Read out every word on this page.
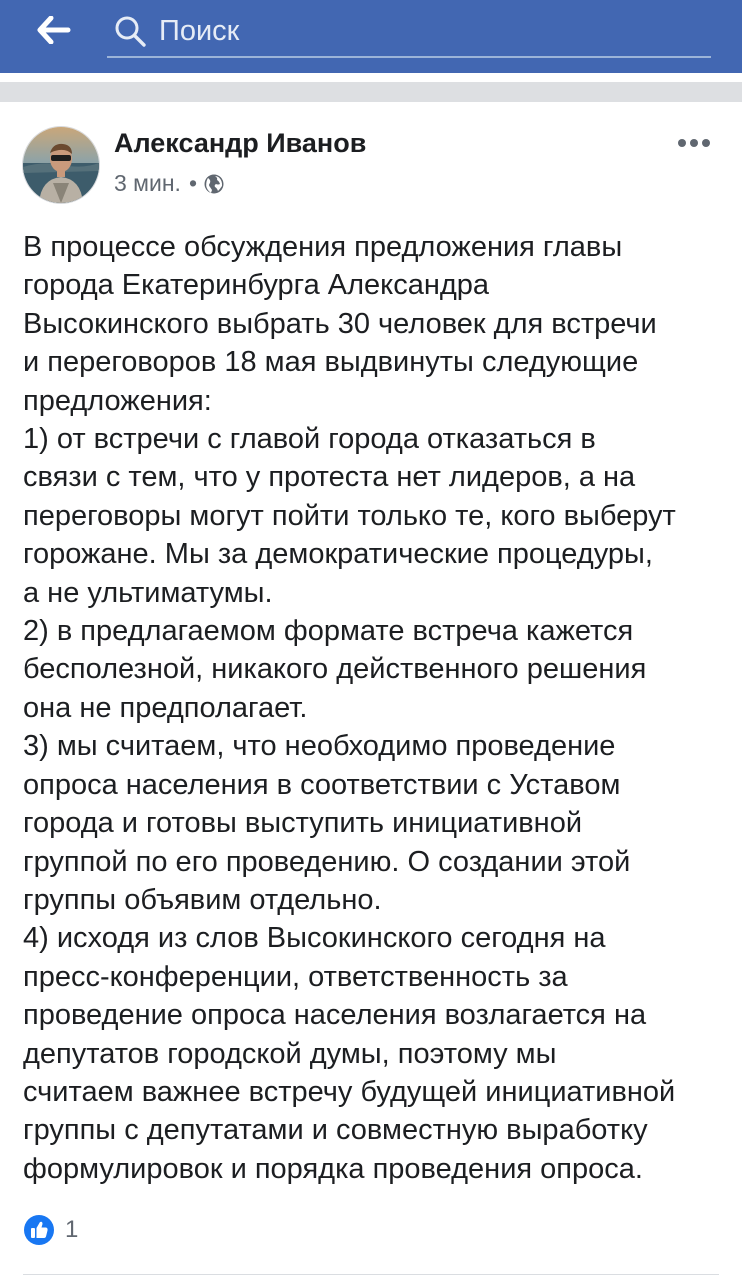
Поиск
Александр Иванов
3 мин. •
В процессе обсуждения предложения главы
города Екатеринбурга Александра
Высокинского выбрать 30 человек для встречи
и переговоров 18 мая выдвинуты следующие
предложения:
1) от встречи с главой города отказаться в
связи с тем, что у протеста нет лидеров, а на
переговоры могут пойти только те, кого выберут
горожане. Мы за демократические процедуры,
а не ультиматумы.
2) в предлагаемом формате встреча кажется
бесполезной, никакого действенного решения
она не предполагает.
3) мы считаем, что необходимо проведение
опроса населения в соответствии с Уставом
города и готовы выступить инициативной
группой по его проведению. О создании этой
группы объявим отдельно.
4) исходя из слов Высокинского сегодня на
пресс-конференции, ответственность за
проведение опроса населения возлагается на
депутатов городской думы, поэтому мы
считаем важнее встречу будущей инициативной
группы с депутатами и совместную выработку
формулировок и порядка проведения опроса.
1
